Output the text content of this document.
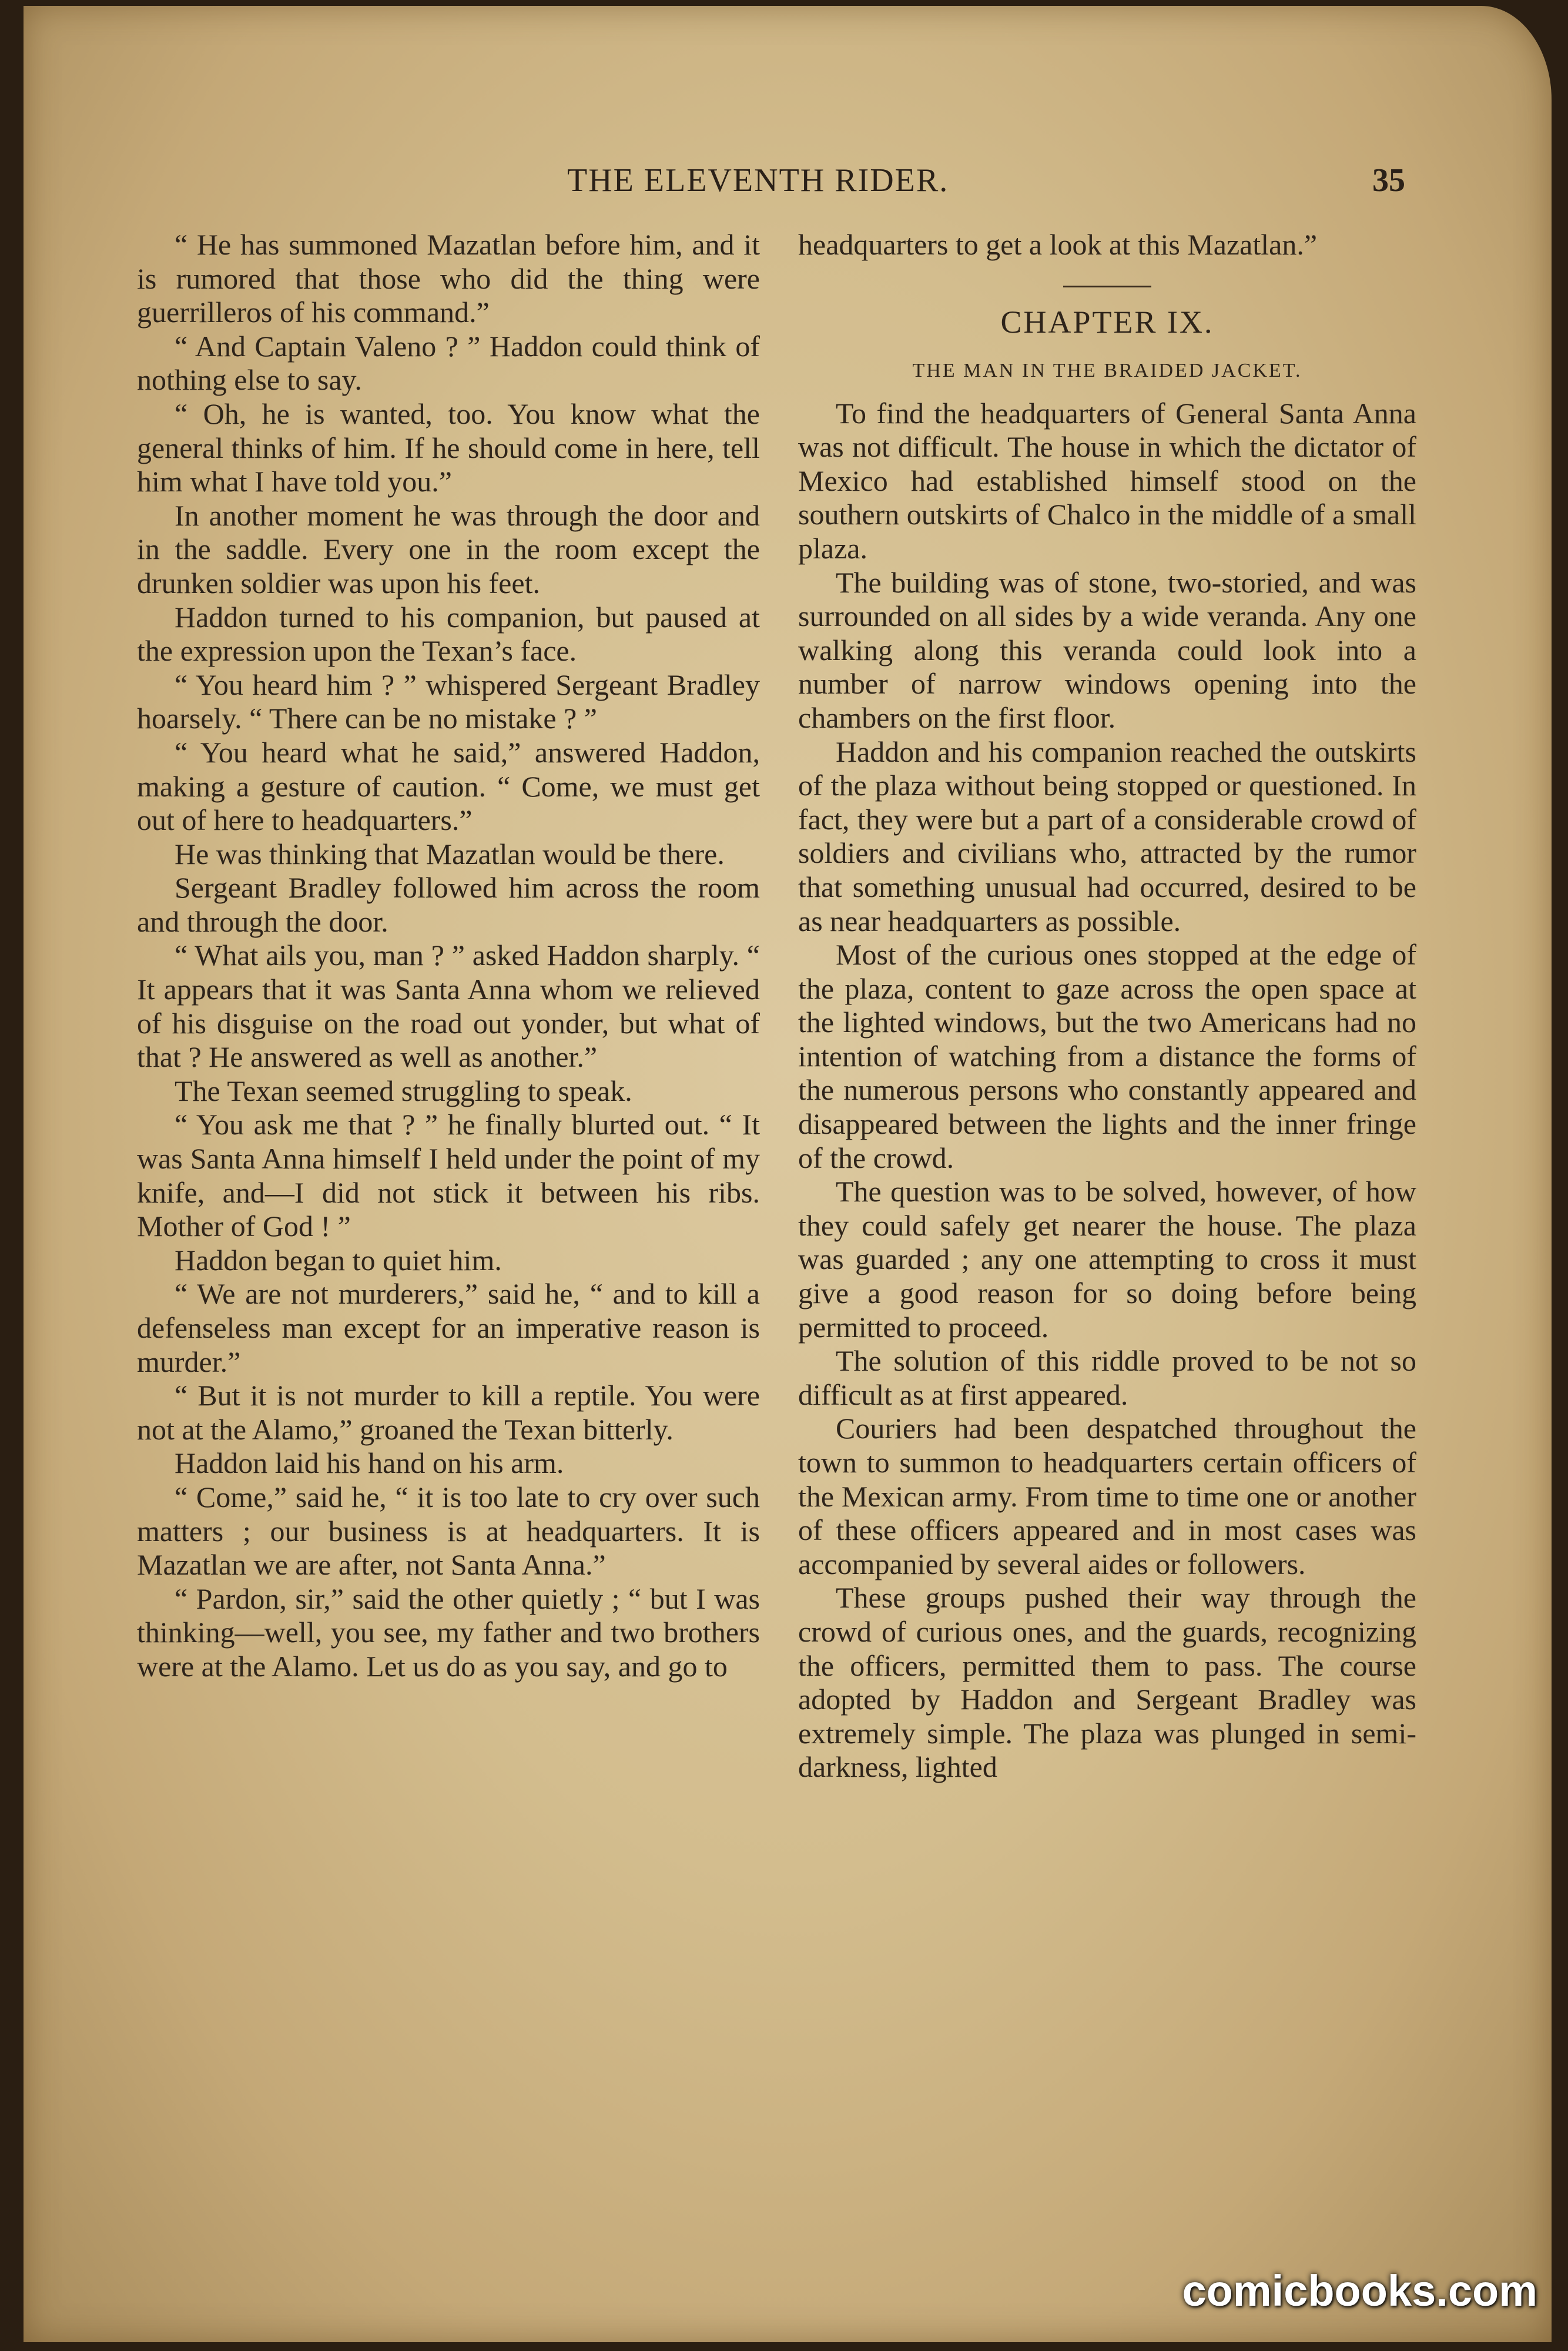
THE ELEVENTH RIDER.	35

“ He has summoned Mazatlan before him, and it is rumored that those who did the thing were guerrilleros of his command.”

“ And Captain Valeno ? ” Haddon could think of nothing else to say.

“ Oh, he is wanted, too. You know what the general thinks of him. If he should come in here, tell him what I have told you.”

In another moment he was through the door and in the saddle. Every one in the room except the drunken soldier was upon his feet.

Haddon turned to his companion, but paused at the expression upon the Texan’s face.

“ You heard him ? ” whispered Sergeant Bradley hoarsely. “ There can be no mistake ? ”

“ You heard what he said,” answered Haddon, making a gesture of caution. “ Come, we must get out of here to headquarters.”

He was thinking that Mazatlan would be there.

Sergeant Bradley followed him across the room and through the door.

“ What ails you, man ? ” asked Haddon sharply. “ It appears that it was Santa Anna whom we relieved of his disguise on the road out yonder, but what of that ? He answered as well as another.”

The Texan seemed struggling to speak.

“ You ask me that ? ” he finally blurted out. “ It was Santa Anna himself I held under the point of my knife, and—I did not stick it between his ribs. Mother of God ! ”

Haddon began to quiet him.

“ We are not murderers,” said he, “ and to kill a defenseless man except for an imperative reason is murder.”

“ But it is not murder to kill a reptile. You were not at the Alamo,” groaned the Texan bitterly.

Haddon laid his hand on his arm.

“ Come,” said he, “ it is too late to cry over such matters ; our business is at headquarters. It is Mazatlan we are after, not Santa Anna.”

“ Pardon, sir,” said the other quietly ; “ but I was thinking—well, you see, my father and two brothers were at the Alamo. Let us do as you say, and go to

headquarters to get a look at this Mazatlan.”

CHAPTER IX.
THE MAN IN THE BRAIDED JACKET.

To find the headquarters of General Santa Anna was not difficult. The house in which the dictator of Mexico had established himself stood on the southern outskirts of Chalco in the middle of a small plaza.

The building was of stone, two-storied, and was surrounded on all sides by a wide veranda. Any one walking along this veranda could look into a number of narrow windows opening into the chambers on the first floor.

Haddon and his companion reached the outskirts of the plaza without being stopped or questioned. In fact, they were but a part of a considerable crowd of soldiers and civilians who, attracted by the rumor that something unusual had occurred, desired to be as near headquarters as possible.

Most of the curious ones stopped at the edge of the plaza, content to gaze across the open space at the lighted windows, but the two Americans had no intention of watching from a distance the forms of the numerous persons who constantly appeared and disappeared between the lights and the inner fringe of the crowd.

The question was to be solved, however, of how they could safely get nearer the house. The plaza was guarded ; any one attempting to cross it must give a good reason for so doing before being permitted to proceed.

The solution of this riddle proved to be not so difficult as at first appeared.

Couriers had been despatched throughout the town to summon to headquarters certain officers of the Mexican army. From time to time one or another of these officers appeared and in most cases was accompanied by several aides or followers.

These groups pushed their way through the crowd of curious ones, and the guards, recognizing the officers, permitted them to pass. The course adopted by Haddon and Sergeant Bradley was extremely simple. The plaza was plunged in semi-darkness, lighted

comicbooks.com
